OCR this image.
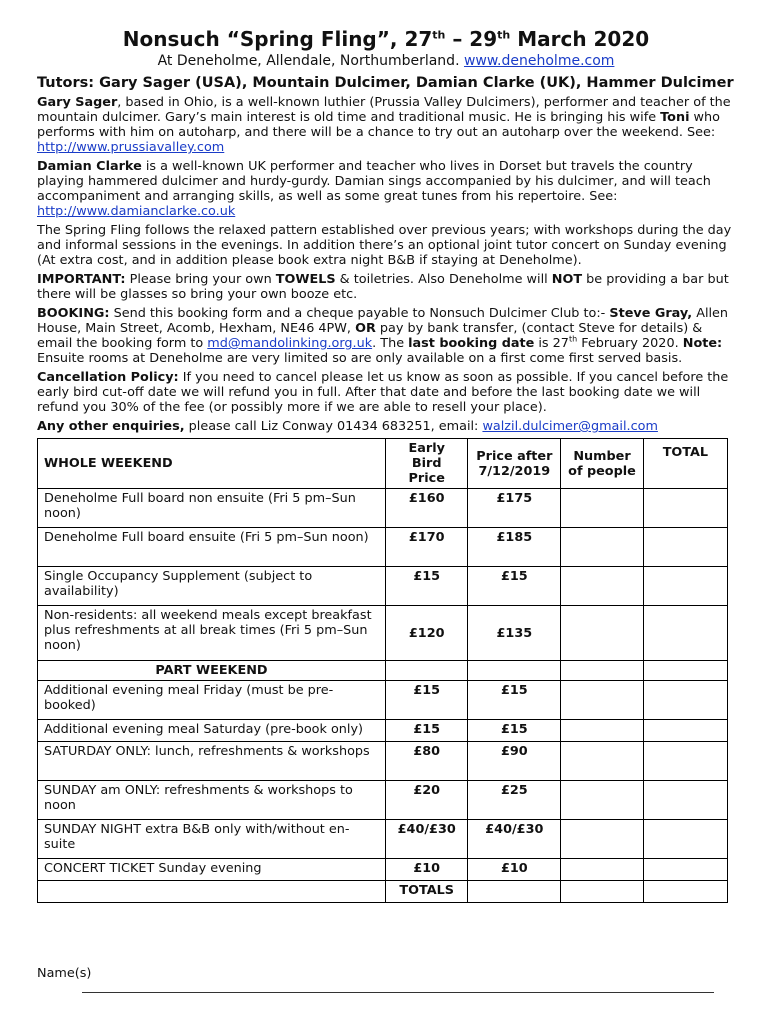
Nonsuch “Spring Fling”, 27th – 29th March 2020
At Deneholme, Allendale, Northumberland. www.deneholme.com
Tutors: Gary Sager (USA), Mountain Dulcimer, Damian Clarke (UK), Hammer Dulcimer

Gary Sager, based in Ohio, is a well-known luthier (Prussia Valley Dulcimers), performer and teacher of the mountain dulcimer. Gary’s main interest is old time and traditional music. He is bringing his wife Toni who performs with him on autoharp, and there will be a chance to try out an autoharp over the weekend. See: http://www.prussiavalley.com

Damian Clarke is a well-known UK performer and teacher who lives in Dorset but travels the country playing hammered dulcimer and hurdy-gurdy. Damian sings accompanied by his dulcimer, and will teach accompaniment and arranging skills, as well as some great tunes from his repertoire. See: http://www.damianclarke.co.uk

The Spring Fling follows the relaxed pattern established over previous years; with workshops during the day and informal sessions in the evenings. In addition there’s an optional joint tutor concert on Sunday evening (At extra cost, and in addition please book extra night B&B if staying at Deneholme).

IMPORTANT: Please bring your own TOWELS & toiletries. Also Deneholme will NOT be providing a bar but there will be glasses so bring your own booze etc.

BOOKING: Send this booking form and a cheque payable to Nonsuch Dulcimer Club to:- Steve Gray, Allen House, Main Street, Acomb, Hexham, NE46 4PW, OR pay by bank transfer, (contact Steve for details) & email the booking form to md@mandolinking.org.uk. The last booking date is 27th February 2020. Note: Ensuite rooms at Deneholme are very limited so are only available on a first come first served basis.

Cancellation Policy: If you need to cancel please let us know as soon as possible. If you cancel before the early bird cut-off date we will refund you in full. After that date and before the last booking date we will refund you 30% of the fee (or possibly more if we are able to resell your place).

Any other enquiries, please call Liz Conway 01434 683251, email: walzil.dulcimer@gmail.com

WHOLE WEEKEND	Early Bird Price	Price after 7/12/2019	Number of people	TOTAL
Deneholme Full board non ensuite (Fri 5 pm–Sun noon)	£160	£175		
Deneholme Full board ensuite (Fri 5 pm–Sun noon)	£170	£185		
Single Occupancy Supplement (subject to availability)	£15	£15		
Non-residents: all weekend meals except breakfast plus refreshments at all break times (Fri 5 pm–Sun noon)	£120	£135		
PART WEEKEND				
Additional evening meal Friday (must be pre-booked)	£15	£15		
Additional evening meal Saturday (pre-book only)	£15	£15		
SATURDAY ONLY: lunch, refreshments & workshops	£80	£90		
SUNDAY am ONLY: refreshments & workshops to noon	£20	£25		
SUNDAY NIGHT extra B&B only with/without en-suite	£40/£30	£40/£30		
CONCERT TICKET Sunday evening	£10	£10		
	TOTALS			
Name(s)
